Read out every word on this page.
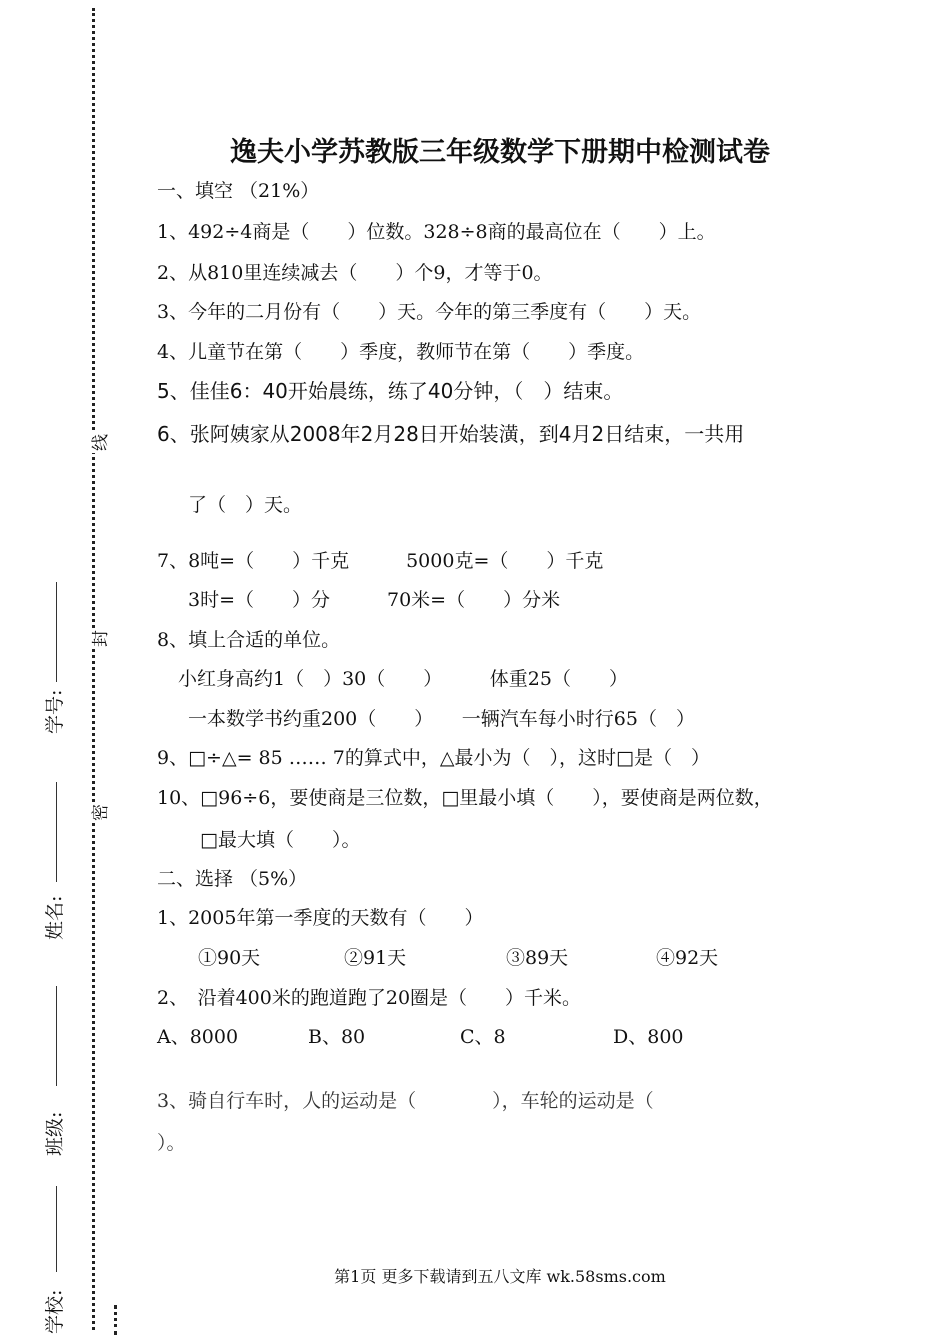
学号:
姓名:
班级:
学校:
线
封
密
逸夫小学苏教版三年级数学下册期中检测试卷
一、填空 （21%）
1、492÷4商是（　　）位数。328÷8商的最高位在（　　）上。
2、从810里连续减去（　　）个9，才等于0。
3、今年的二月份有（　　）天。今年的第三季度有（　　）天。
4、儿童节在第（　　）季度，教师节在第（　　）季度。
5、佳佳6：40开始晨练，练了40分钟，（　）结束。
6、张阿姨家从2008年2月28日开始装潢，到4月2日结束，一共用
了（　）天。
7、8吨=（　　）千克　　　5000克=（　　）千克
3时=（　　）分　　　70米=（　　）分米
8、填上合适的单位。
小红身高约1（　）30（　　）　　　体重25（　　）
一本数学书约重200（　　）　　一辆汽车每小时行65（　）
9、□÷△= 85 …… 7的算式中，△最小为（　），这时□是（　）
10、□96÷6，要使商是三位数，□里最小填（　　），要使商是两位数，
□最大填（　　）。
二、选择 （5%）
1、2005年第一季度的天数有（　　）
①90天	②91天	③89天	④92天
2、　沿着400米的跑道跑了20圈是（　　）千米。
A、8000	B、80	C、8	D、800
3、骑自行车时，人的运动是（　　　　），车轮的运动是（
）。
第1页 更多下载请到五八文库 wk.58sms.com
